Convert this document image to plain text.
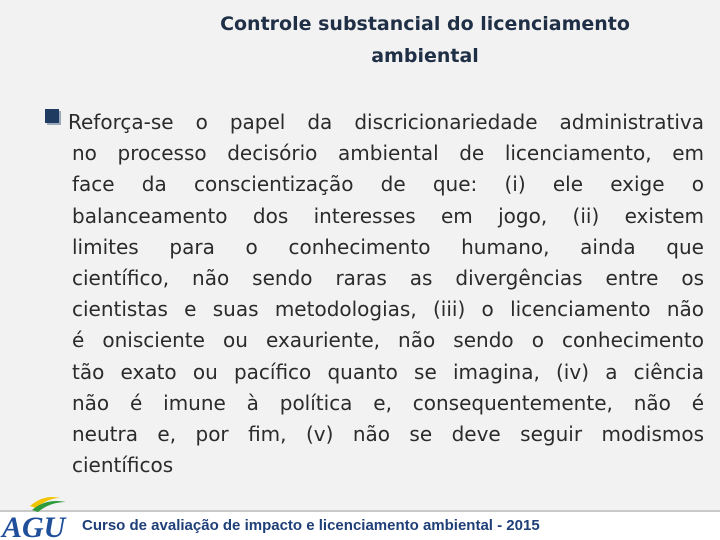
Controle substancial do licenciamento
ambiental
Reforça-se o papel da discricionariedade administrativa
no processo decisório ambiental de licenciamento, em
face da conscientização de que: (i) ele exige o
balanceamento dos interesses em jogo, (ii) existem
limites para o conhecimento humano, ainda que
científico, não sendo raras as divergências entre os
cientistas e suas metodologias, (iii) o licenciamento não
é onisciente ou exauriente, não sendo o conhecimento
tão exato ou pacífico quanto se imagina, (iv) a ciência
não é imune à política e, consequentemente, não é
neutra e, por fim, (v) não se deve seguir modismos
científicos
AGU Curso de avaliação de impacto e licenciamento ambiental - 2015
